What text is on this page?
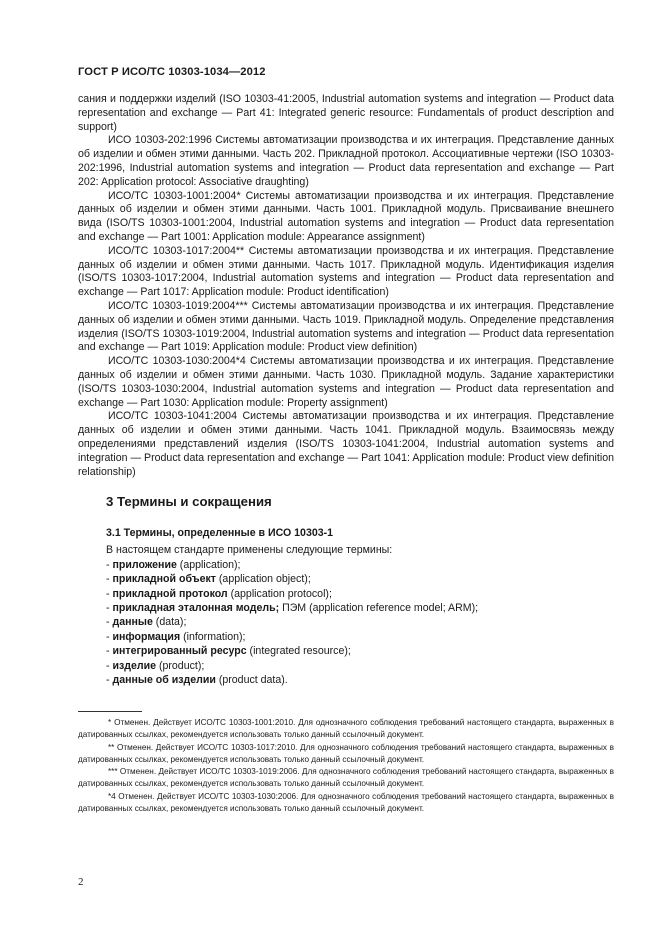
ГОСТ Р ИСО/ТС 10303-1034—2012

сания и поддержки изделий (ISO 10303-41:2005, Industrial automation systems and integration — Product data representation and exchange — Part 41: Integrated generic resource: Fundamentals of product description and support)

ИСО 10303-202:1996 Системы автоматизации производства и их интеграция. Представление данных об изделии и обмен этими данными. Часть 202. Прикладной протокол. Ассоциативные чертежи (ISO 10303-202:1996, Industrial automation systems and integration — Product data representation and exchange — Part 202: Application protocol: Associative draughting)

ИСО/ТС 10303-1001:2004* Системы автоматизации производства и их интеграция. Представление данных об изделии и обмен этими данными. Часть 1001. Прикладной модуль. Присваивание внешнего вида (ISO/TS 10303-1001:2004, Industrial automation systems and integration — Product data representation and exchange — Part 1001: Application module: Appearance assignment)

ИСО/ТС 10303-1017:2004** Системы автоматизации производства и их интеграция. Представление данных об изделии и обмен этими данными. Часть 1017. Прикладной модуль. Идентификация изделия (ISO/TS 10303-1017:2004, Industrial automation systems and integration — Product data representation and exchange — Part 1017: Application module: Product identification)

ИСО/ТС 10303-1019:2004*** Системы автоматизации производства и их интеграция. Представление данных об изделии и обмен этими данными. Часть 1019. Прикладной модуль. Определение представления изделия (ISO/TS 10303-1019:2004, Industrial automation systems and integration — Product data representation and exchange — Part 1019: Application module: Product view definition)

ИСО/ТС 10303-1030:2004*4 Системы автоматизации производства и их интеграция. Представление данных об изделии и обмен этими данными. Часть 1030. Прикладной модуль. Задание характеристики (ISO/TS 10303-1030:2004, Industrial automation systems and integration — Product data representation and exchange — Part 1030: Application module: Property assignment)

ИСО/ТС 10303-1041:2004 Системы автоматизации производства и их интеграция. Представление данных об изделии и обмен этими данными. Часть 1041. Прикладной модуль. Взаимосвязь между определениями представлений изделия (ISO/TS 10303-1041:2004, Industrial automation systems and integration — Product data representation and exchange — Part 1041: Application module: Product view definition relationship)

3 Термины и сокращения
3.1 Термины, определенные в ИСО 10303-1
В настоящем стандарте применены следующие термины:
- приложение (application);
- прикладной объект (application object);
- прикладной протокол (application protocol);
- прикладная эталонная модель; ПЭМ (application reference model; ARM);
- данные (data);
- информация (information);
- интегрированный ресурс (integrated resource);
- изделие (product);
- данные об изделии (product data).

* Отменен. Действует ИСО/ТС 10303-1001:2010. Для однозначного соблюдения требований настоящего стандарта, выраженных в датированных ссылках, рекомендуется использовать только данный ссылочный документ.

** Отменен. Действует ИСО/ТС 10303-1017:2010. Для однозначного соблюдения требований настоящего стандарта, выраженных в датированных ссылках, рекомендуется использовать только данный ссылочный документ.

*** Отменен. Действует ИСО/ТС 10303-1019:2006. Для однозначного соблюдения требований настоящего стандарта, выраженных в датированных ссылках, рекомендуется использовать только данный ссылочный документ.

*4 Отменен. Действует ИСО/ТС 10303-1030:2006. Для однозначного соблюдения требований настоящего стандарта, выраженных в датированных ссылках, рекомендуется использовать только данный ссылочный документ.

2
